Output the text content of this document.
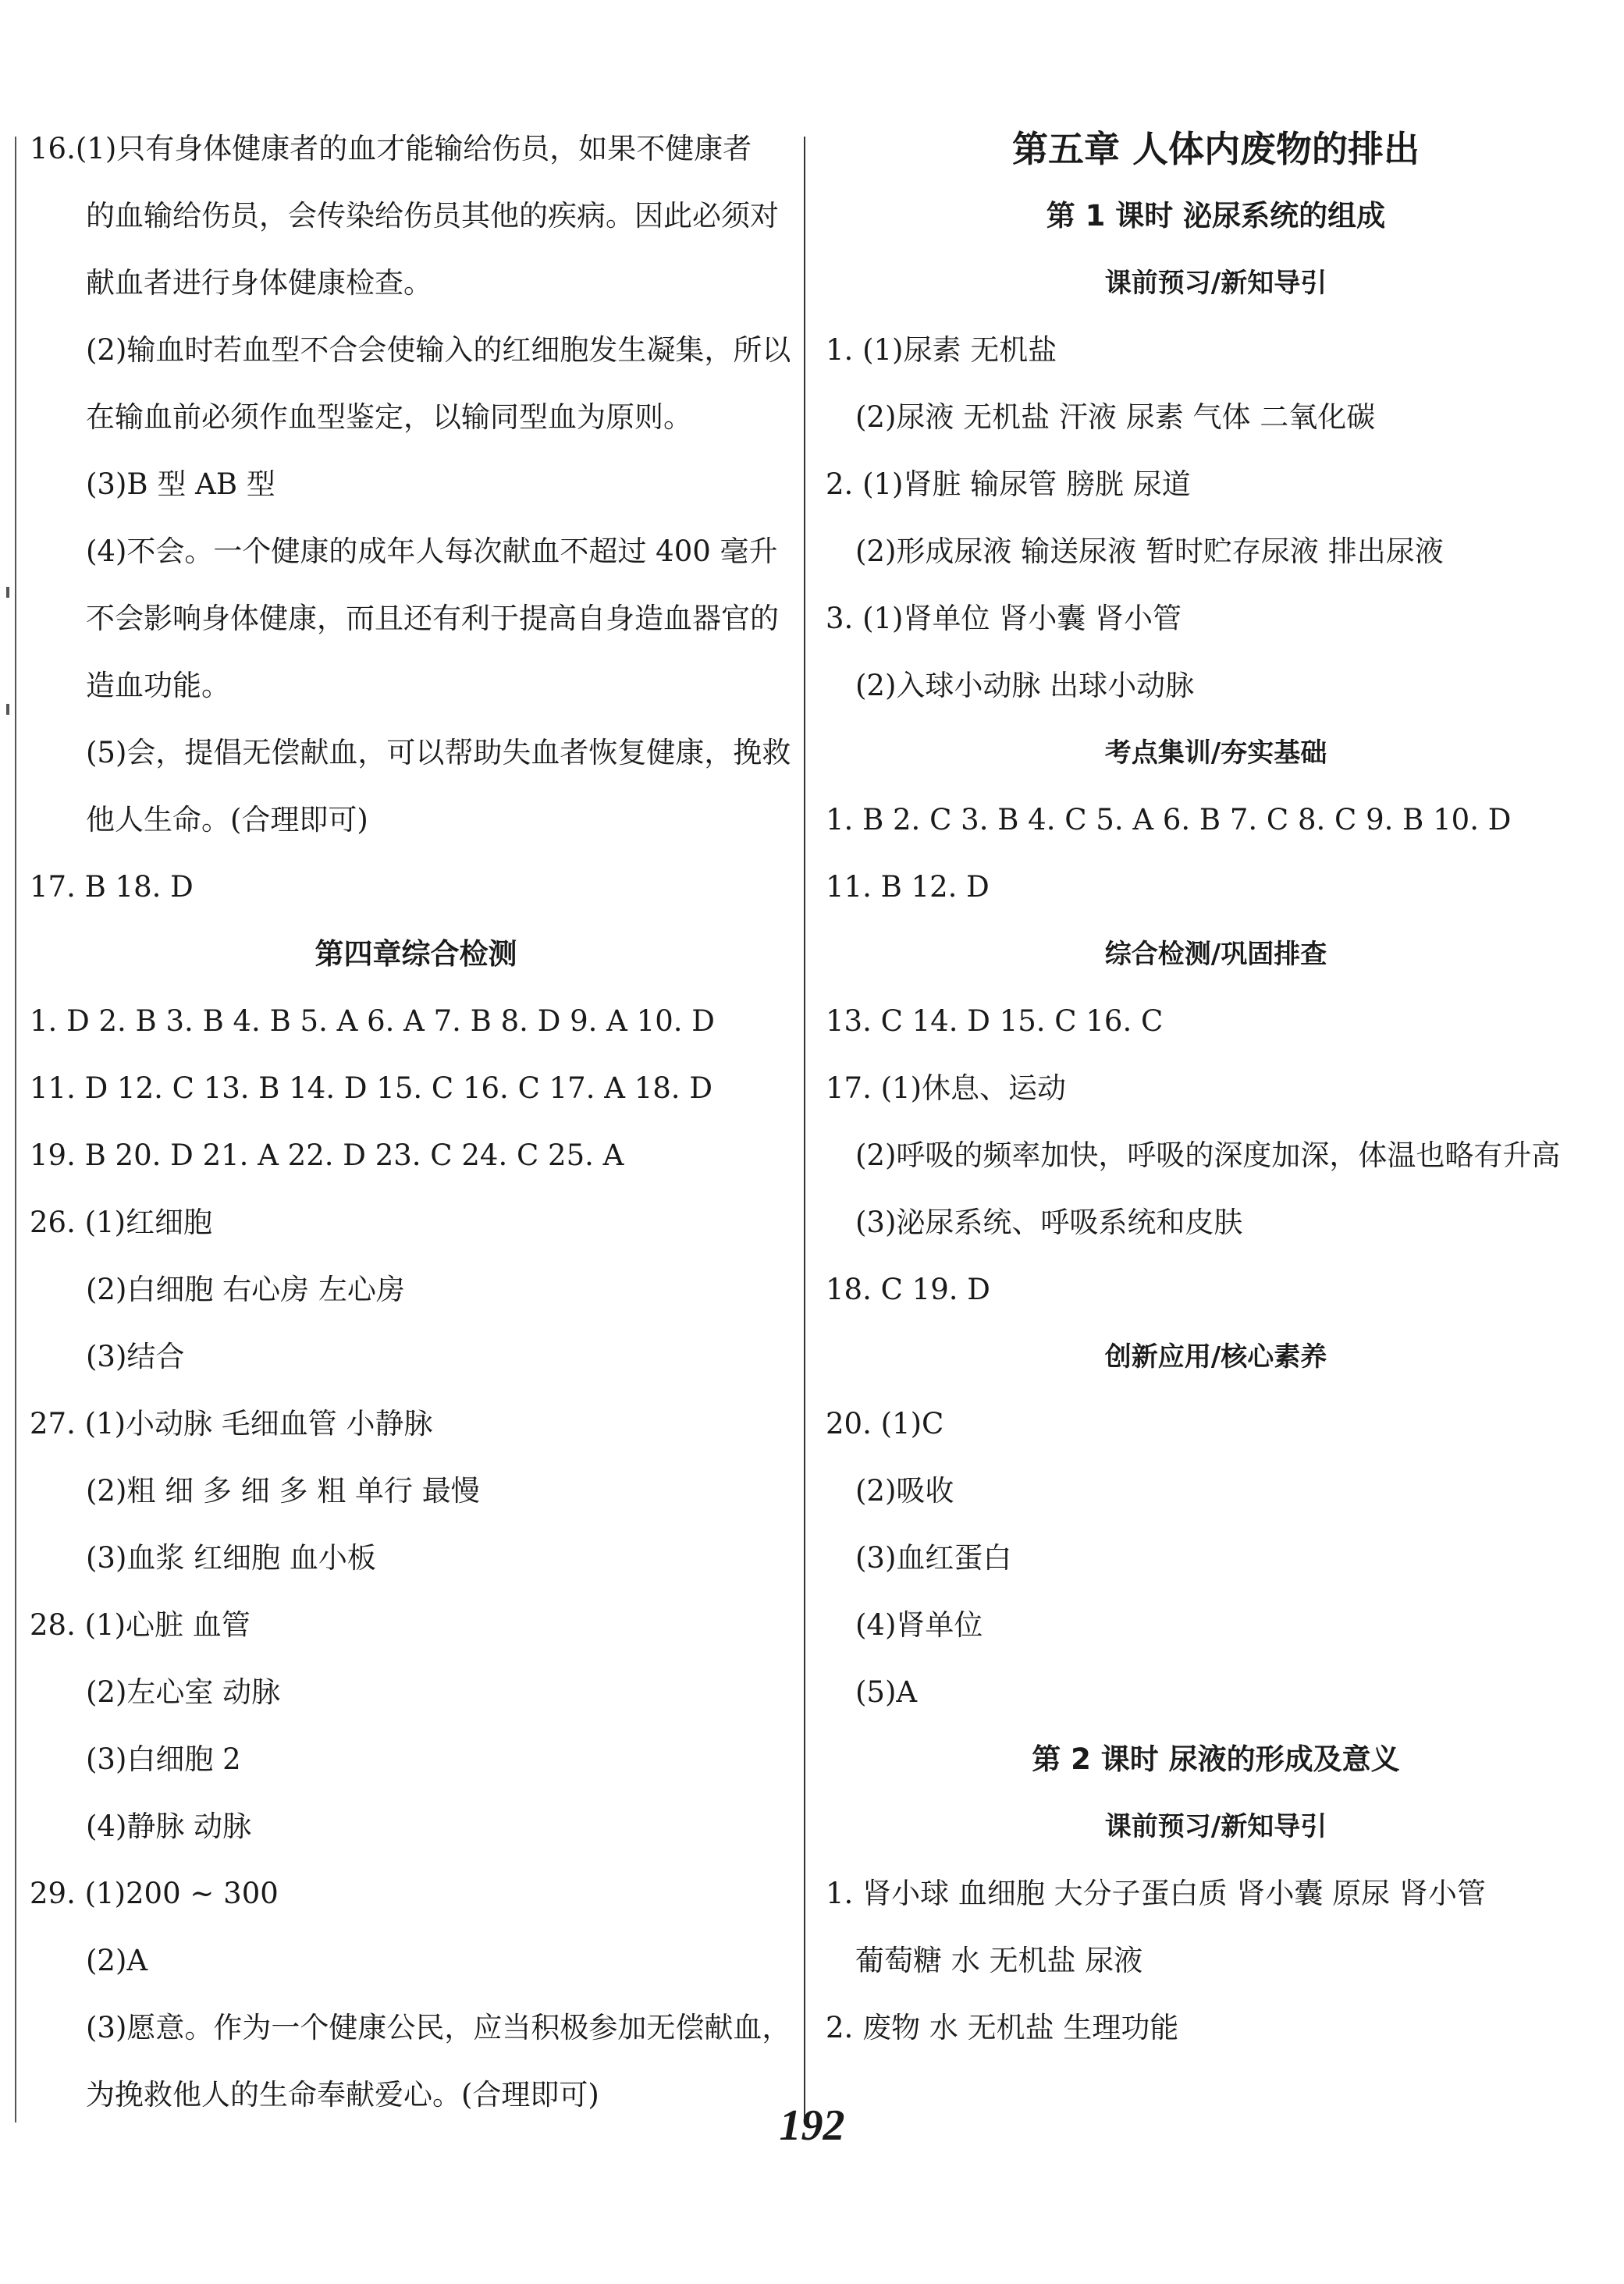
16.(1)只有身体健康者的血才能输给伤员，如果不健康者
的血输给伤员，会传染给伤员其他的疾病。因此必须对
献血者进行身体健康检查。
(2)输血时若血型不合会使输入的红细胞发生凝集，所以
在输血前必须作血型鉴定，以输同型血为原则。
(3)B 型 AB 型
(4)不会。一个健康的成年人每次献血不超过 400 毫升
不会影响身体健康，而且还有利于提高自身造血器官的
造血功能。
(5)会，提倡无偿献血，可以帮助失血者恢复健康，挽救
他人生命。(合理即可)
17. B 18. D
第四章综合检测
1. D 2. B 3. B 4. B 5. A 6. A 7. B 8. D 9. A 10. D
11. D 12. C 13. B 14. D 15. C 16. C 17. A 18. D
19. B 20. D 21. A 22. D 23. C 24. C 25. A
26. (1)红细胞
(2)白细胞 右心房 左心房
(3)结合
27. (1)小动脉 毛细血管 小静脉
(2)粗 细 多 细 多 粗 单行 最慢
(3)血浆 红细胞 血小板
28. (1)心脏 血管
(2)左心室 动脉
(3)白细胞 2
(4)静脉 动脉
29. (1)200 ~ 300
(2)A
(3)愿意。作为一个健康公民，应当积极参加无偿献血，
为挽救他人的生命奉献爱心。(合理即可)
第五章 人体内废物的排出
第 1 课时 泌尿系统的组成
课前预习/新知导引
1. (1)尿素 无机盐
(2)尿液 无机盐 汗液 尿素 气体 二氧化碳
2. (1)肾脏 输尿管 膀胱 尿道
(2)形成尿液 输送尿液 暂时贮存尿液 排出尿液
3. (1)肾单位 肾小囊 肾小管
(2)入球小动脉 出球小动脉
考点集训/夯实基础
1. B 2. C 3. B 4. C 5. A 6. B 7. C 8. C 9. B 10. D
11. B 12. D
综合检测/巩固排查
13. C 14. D 15. C 16. C
17. (1)休息、运动
(2)呼吸的频率加快，呼吸的深度加深，体温也略有升高
(3)泌尿系统、呼吸系统和皮肤
18. C 19. D
创新应用/核心素养
20. (1)C
(2)吸收
(3)血红蛋白
(4)肾单位
(5)A
第 2 课时 尿液的形成及意义
课前预习/新知导引
1. 肾小球 血细胞 大分子蛋白质 肾小囊 原尿 肾小管
葡萄糖 水 无机盐 尿液
2. 废物 水 无机盐 生理功能
192
